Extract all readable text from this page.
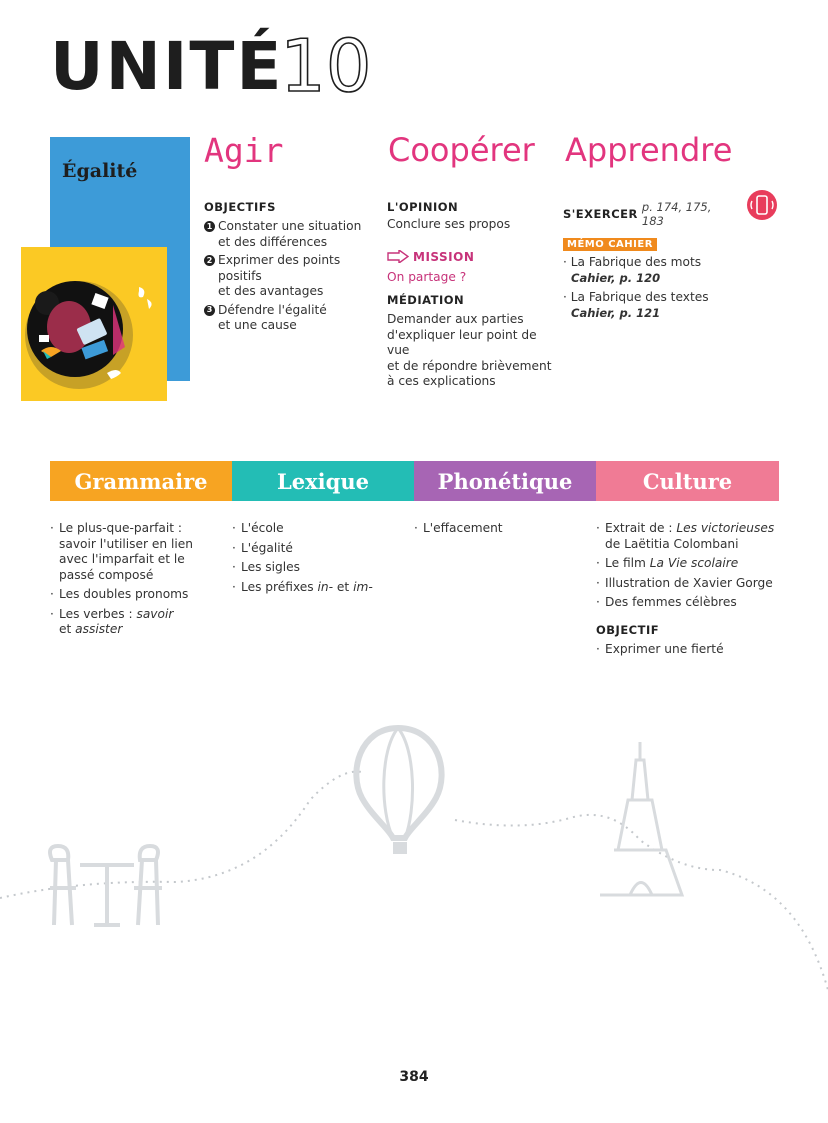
UNITÉ
10
Égalité
Agir
OBJECTIFS
1 Constater une situation
et des différences
2 Exprimer des points positifs
et des avantages
3 Défendre l'égalité
et une cause
Coopérer
L'OPINION
Conclure ses propos
MISSION
On partage ?
MÉDIATION
Demander aux parties
d'expliquer leur point de vue
et de répondre brièvement
à ces explications
Apprendre
S'EXERCER p. 174, 175, 183
MÉMO CAHIER
· La Fabrique des mots
Cahier, p. 120
· La Fabrique des textes
Cahier, p. 121
Grammaire	Lexique	Phonétique	Culture
· Le plus-que-parfait :
savoir l'utiliser en lien
avec l'imparfait et le
passé composé
· Les doubles pronoms
· Les verbes : savoir
et assister
· L'école
· L'égalité
· Les sigles
· Les préfixes in- et im-
· L'effacement	· Extrait de : Les victorieuses
de Laëtitia Colombani
· Le film La Vie scolaire
· Illustration de Xavier Gorge
· Des femmes célèbres
OBJECTIF
· Exprimer une fierté
384
